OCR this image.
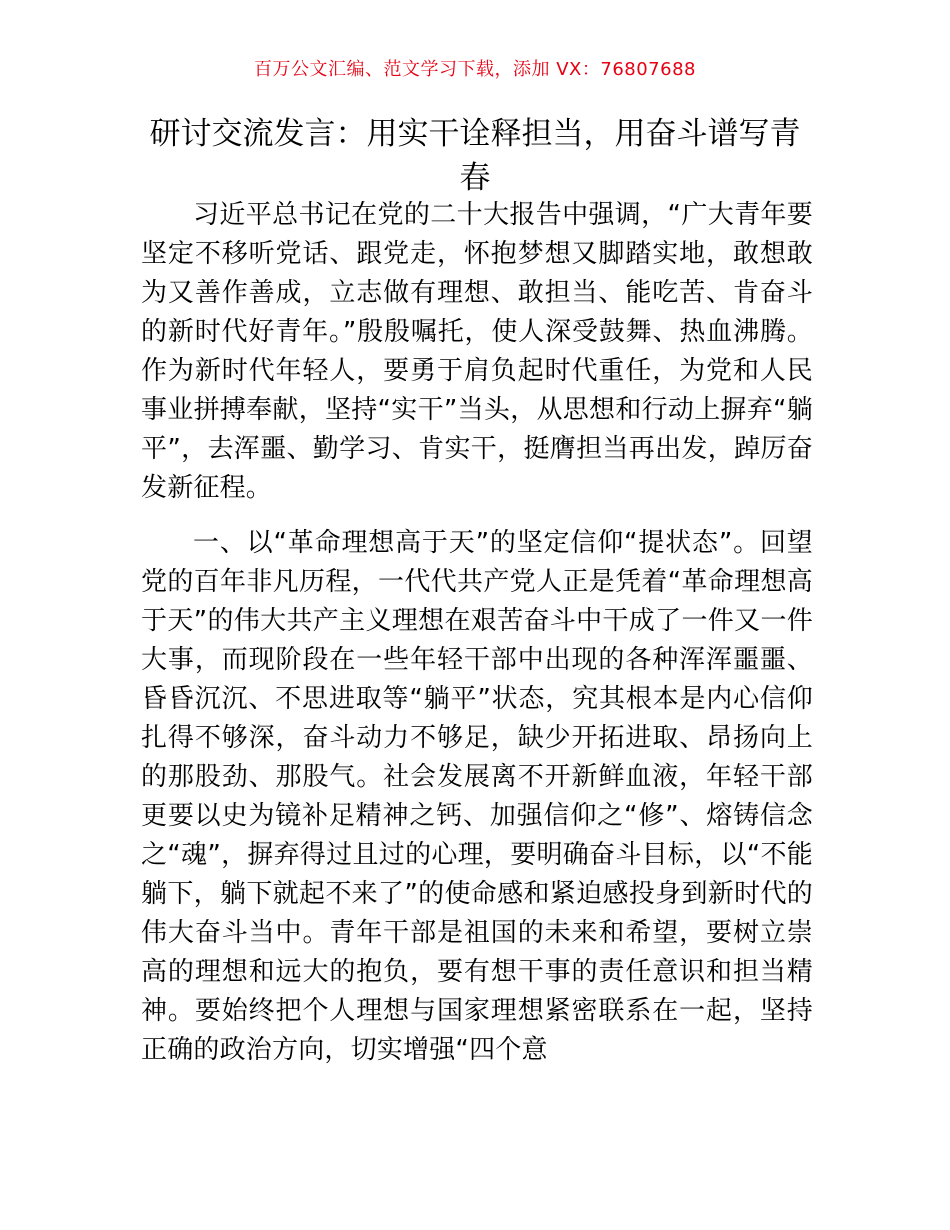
百万公文汇编、范文学习下载，添加 VX：76807688
研讨交流发言：用实干诠释担当，用奋斗谱写青春

习近平总书记在党的二十大报告中强调，“广大青年要坚定不移听党话、跟党走，怀抱梦想又脚踏实地，敢想敢为又善作善成，立志做有理想、敢担当、能吃苦、肯奋斗的新时代好青年。”殷殷嘱托，使人深受鼓舞、热血沸腾。作为新时代年轻人，要勇于肩负起时代重任，为党和人民事业拼搏奉献，坚持“实干”当头，从思想和行动上摒弃“躺平”，去浑噩、勤学习、肯实干，挺膺担当再出发，踔厉奋发新征程。

一、以“革命理想高于天”的坚定信仰“提状态”。回望党的百年非凡历程，一代代共产党人正是凭着“革命理想高于天”的伟大共产主义理想在艰苦奋斗中干成了一件又一件大事，而现阶段在一些年轻干部中出现的各种浑浑噩噩、昏昏沉沉、不思进取等“躺平”状态，究其根本是内心信仰扎得不够深，奋斗动力不够足，缺少开拓进取、昂扬向上的那股劲、那股气。社会发展离不开新鲜血液，年轻干部更要以史为镜补足精神之钙、加强信仰之“修”、熔铸信念之“魂”，摒弃得过且过的心理，要明确奋斗目标，以“不能躺下，躺下就起不来了”的使命感和紧迫感投身到新时代的伟大奋斗当中。青年干部是祖国的未来和希望，要树立崇高的理想和远大的抱负，要有想干事的责任意识和担当精神。要始终把个人理想与国家理想紧密联系在一起，坚持正确的政治方向，切实增强“四个意
